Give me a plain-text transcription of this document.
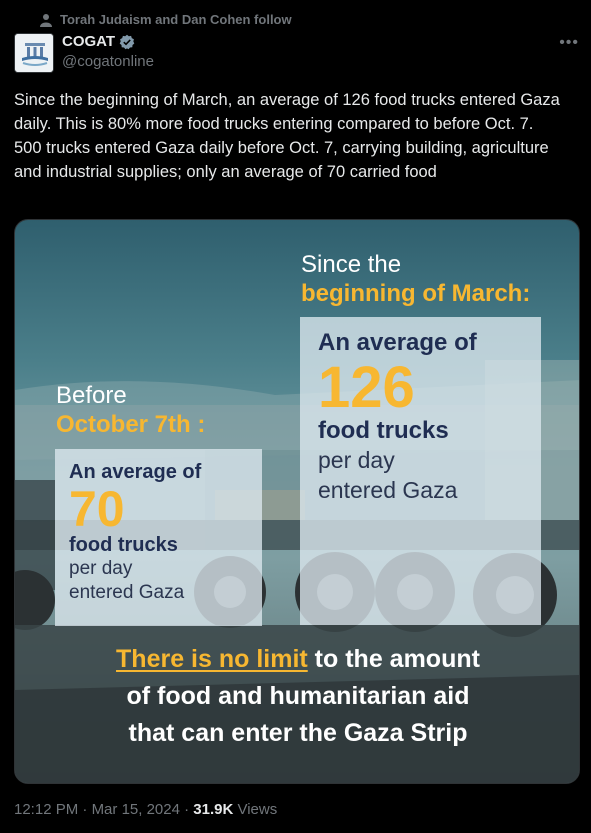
Torah Judaism and Dan Cohen follow
COGAT
@cogatonline
•••
Since the beginning of March, an average of 126 food trucks entered Gaza daily. This is 80% more food trucks entering compared to before Oct. 7.
500 trucks entered Gaza daily before Oct. 7, carrying building, agriculture and industrial supplies; only an average of 70 carried food
Since the
beginning of March:
Before
October 7th :
An average of
126
food trucks
per day
entered Gaza
An average of
70
food trucks
per day
entered Gaza
There is no limit to the amount
of food and humanitarian aid
that can enter the Gaza Strip
12:12 PM · Mar 15, 2024 · 31.9K Views
